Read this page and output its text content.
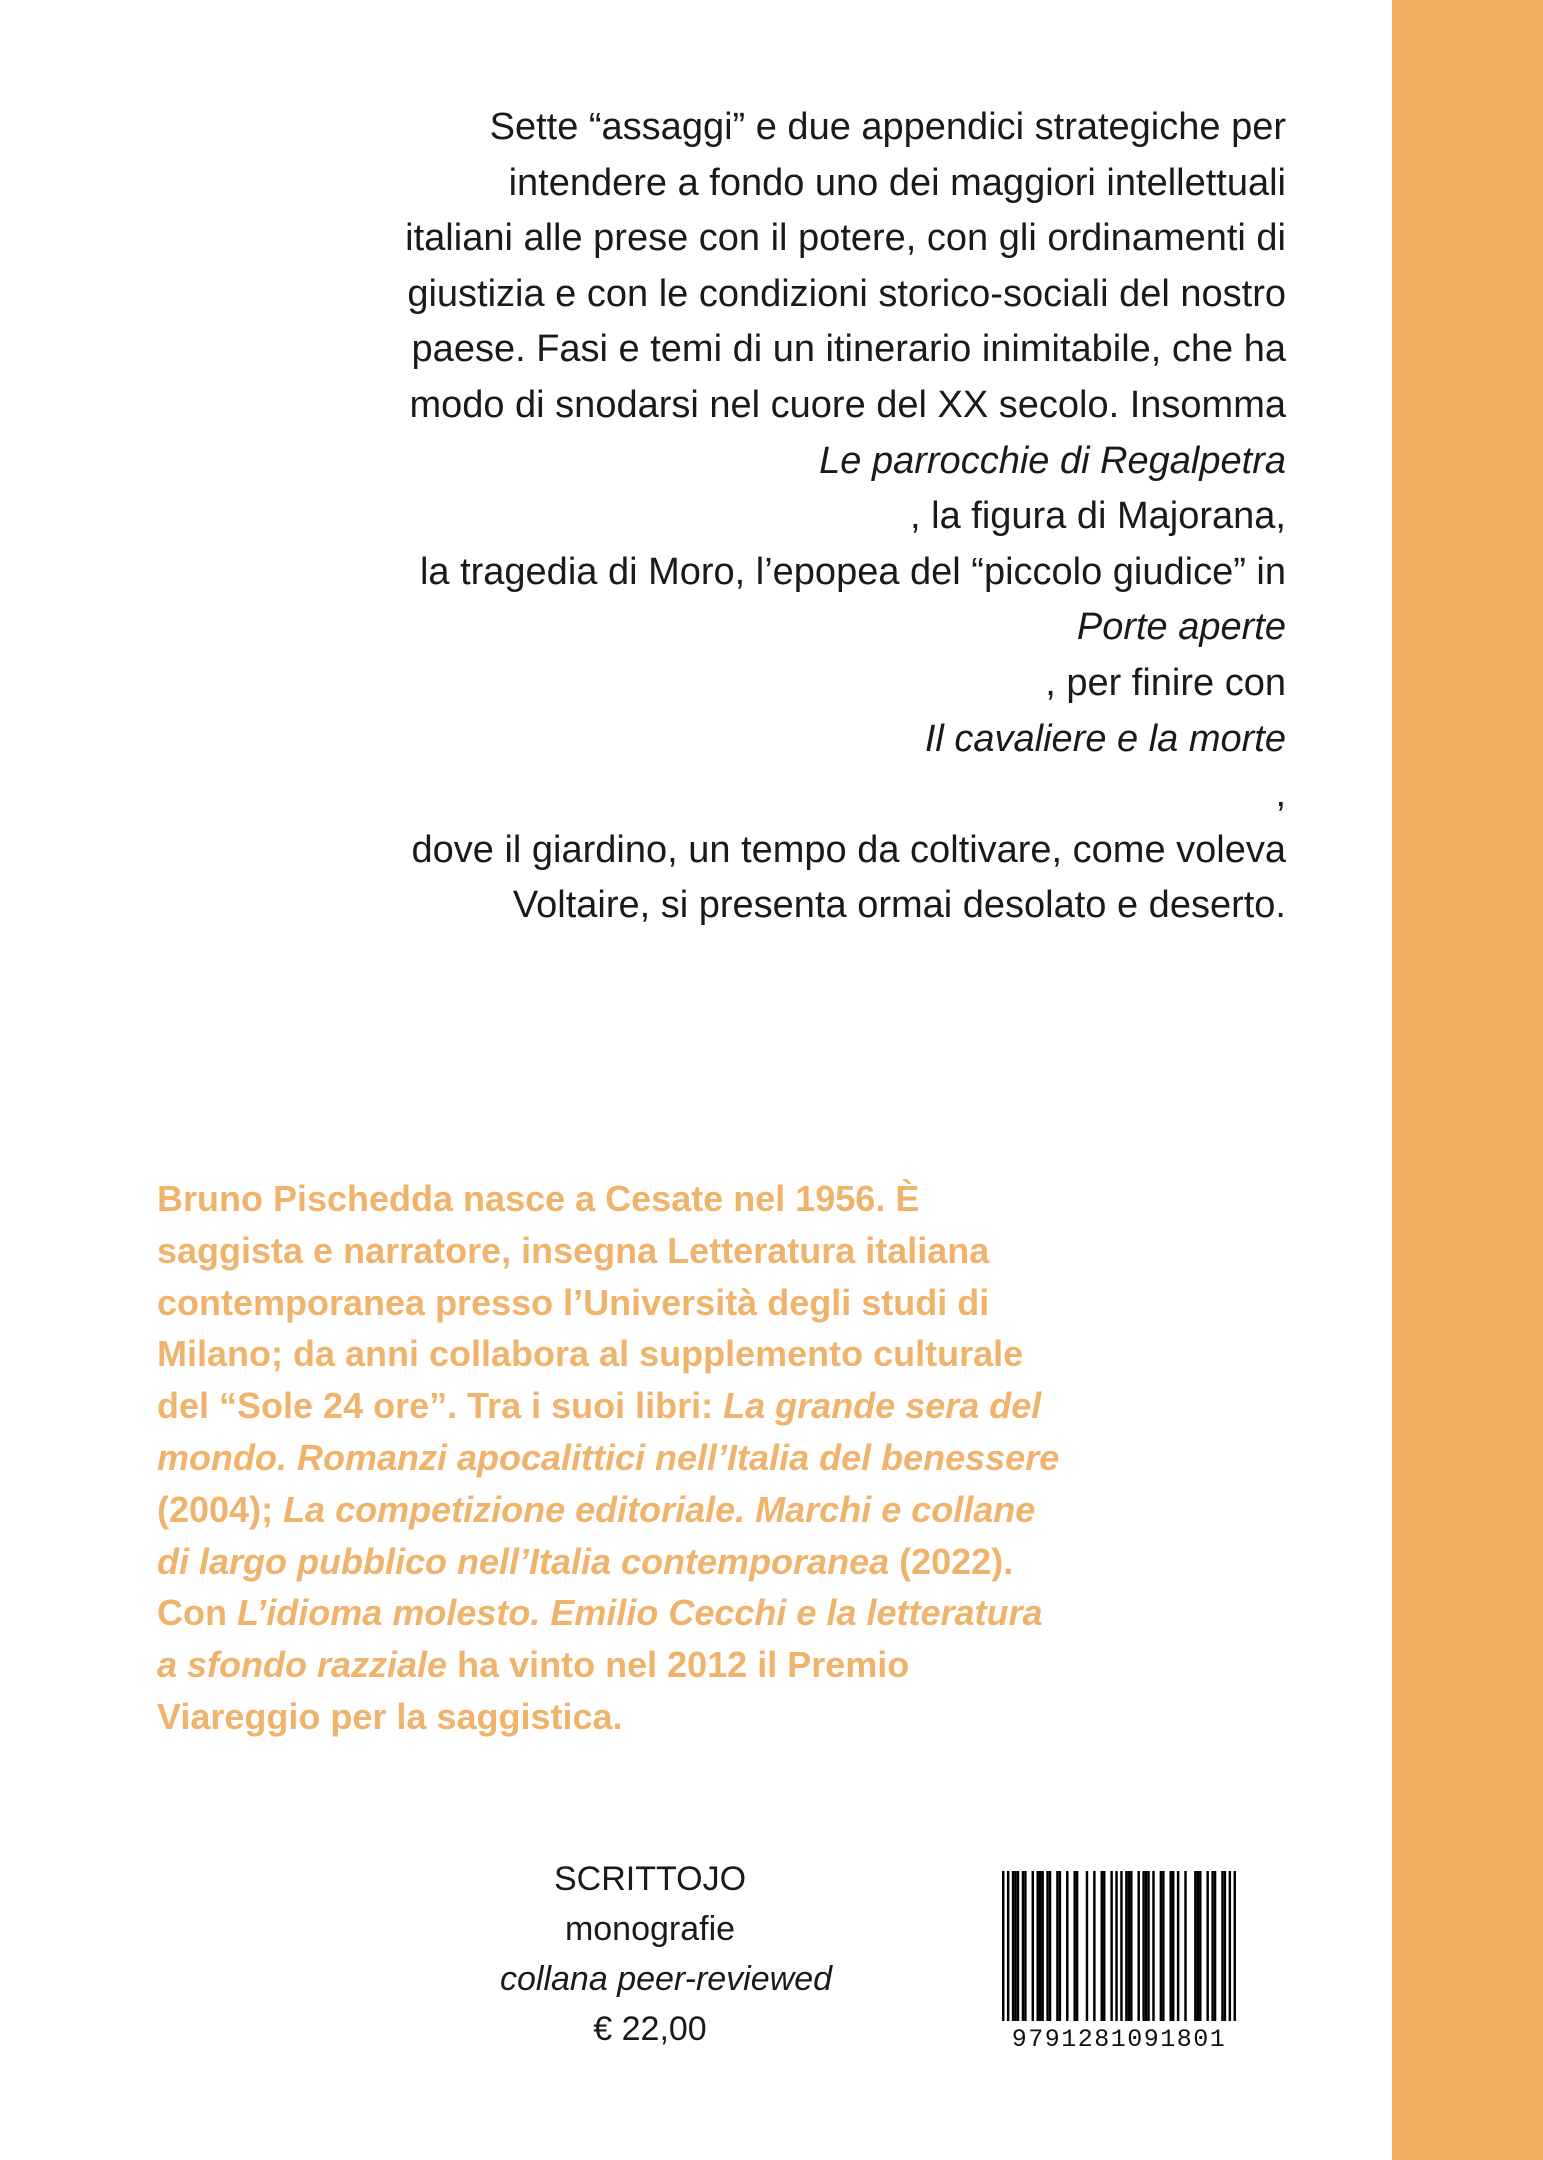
Sette “assaggi” e due appendici strategiche per
intendere a fondo uno dei maggiori intellettuali
italiani alle prese con il potere, con gli ordinamenti di
giustizia e con le condizioni storico-sociali del nostro
paese. Fasi e temi di un itinerario inimitabile, che ha
modo di snodarsi nel cuore del XX secolo. Insomma
Le parrocchie di Regalpetra
, la figura di Majorana,
la tragedia di Moro, l’epopea del “piccolo giudice” in
Porte aperte
, per finire con
Il cavaliere e la morte
,
dove il giardino, un tempo da coltivare, come voleva
Voltaire, si presenta ormai desolato e deserto.
Bruno Pischedda nasce a Cesate nel 1956. È
saggista e narratore, insegna Letteratura italiana
contemporanea presso l’Università degli studi di
Milano; da anni collabora al supplemento culturale
del “Sole 24 ore”. Tra i suoi libri: La grande sera del
mondo. Romanzi apocalittici nell’Italia del benessere
(2004); La competizione editoriale. Marchi e collane
di largo pubblico nell’Italia contemporanea (2022).
Con L’idioma molesto. Emilio Cecchi e la letteratura
a sfondo razziale ha vinto nel 2012 il Premio
Viareggio per la saggistica.
SCRITTOJO
monografie
collana peer-reviewed
€ 22,00	9791281091801
